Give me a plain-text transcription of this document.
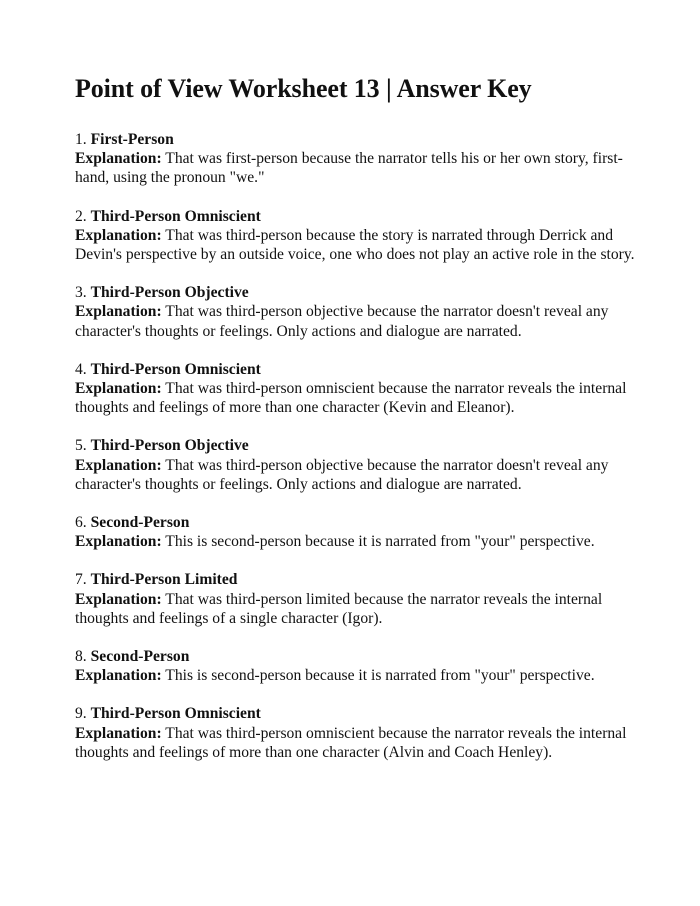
Point of View Worksheet 13 | Answer Key

1. First-Person

Explanation: That was first-person because the narrator tells his or her own story, first-hand, using the pronoun "we."

2. Third-Person Omniscient

Explanation: That was third-person because the story is narrated through Derrick and Devin's perspective by an outside voice, one who does not play an active role in the story.

3. Third-Person Objective

Explanation: That was third-person objective because the narrator doesn't reveal any character's thoughts or feelings. Only actions and dialogue are narrated.

4. Third-Person Omniscient

Explanation: That was third-person omniscient because the narrator reveals the internal thoughts and feelings of more than one character (Kevin and Eleanor).

5. Third-Person Objective

Explanation: That was third-person objective because the narrator doesn't reveal any character's thoughts or feelings. Only actions and dialogue are narrated.

6. Second-Person

Explanation: This is second-person because it is narrated from "your" perspective.

7. Third-Person Limited

Explanation: That was third-person limited because the narrator reveals the internal thoughts and feelings of a single character (Igor).

8. Second-Person

Explanation: This is second-person because it is narrated from "your" perspective.

9. Third-Person Omniscient

Explanation: That was third-person omniscient because the narrator reveals the internal thoughts and feelings of more than one character (Alvin and Coach Henley).
